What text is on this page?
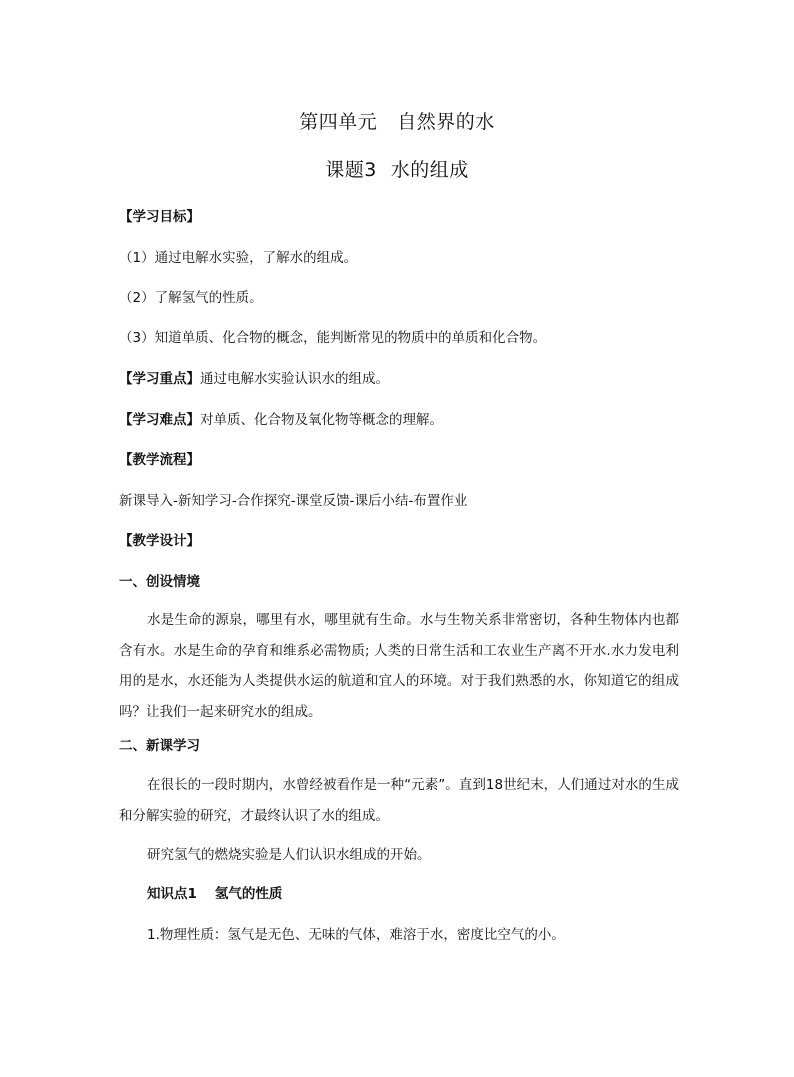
第四单元 自然界的水
课题3 水的组成
【学习目标】
（1）通过电解水实验，了解水的组成。
（2）了解氢气的性质。
（3）知道单质、化合物的概念，能判断常见的物质中的单质和化合物。
【学习重点】通过电解水实验认识水的组成。
【学习难点】对单质、化合物及氧化物等概念的理解。
【教学流程】
新课导入-新知学习-合作探究-课堂反馈-课后小结-布置作业
【教学设计】
一、创设情境
水是生命的源泉，哪里有水，哪里就有生命。水与生物关系非常密切，各种生物体内也都含有水。水是生命的孕育和维系必需物质; 人类的日常生活和工农业生产离不开水.水力发电利用的是水，水还能为人类提供水运的航道和宜人的环境。对于我们熟悉的水，你知道它的组成吗？让我们一起来研究水的组成。
二、新课学习
在很长的一段时期内，水曾经被看作是一种“元素”。直到18世纪末，人们通过对水的生成和分解实验的研究，才最终认识了水的组成。
研究氢气的燃烧实验是人们认识水组成的开始。
知识点1 氢气的性质
1.物理性质：氢气是无色、无味的气体，难溶于水，密度比空气的小。
